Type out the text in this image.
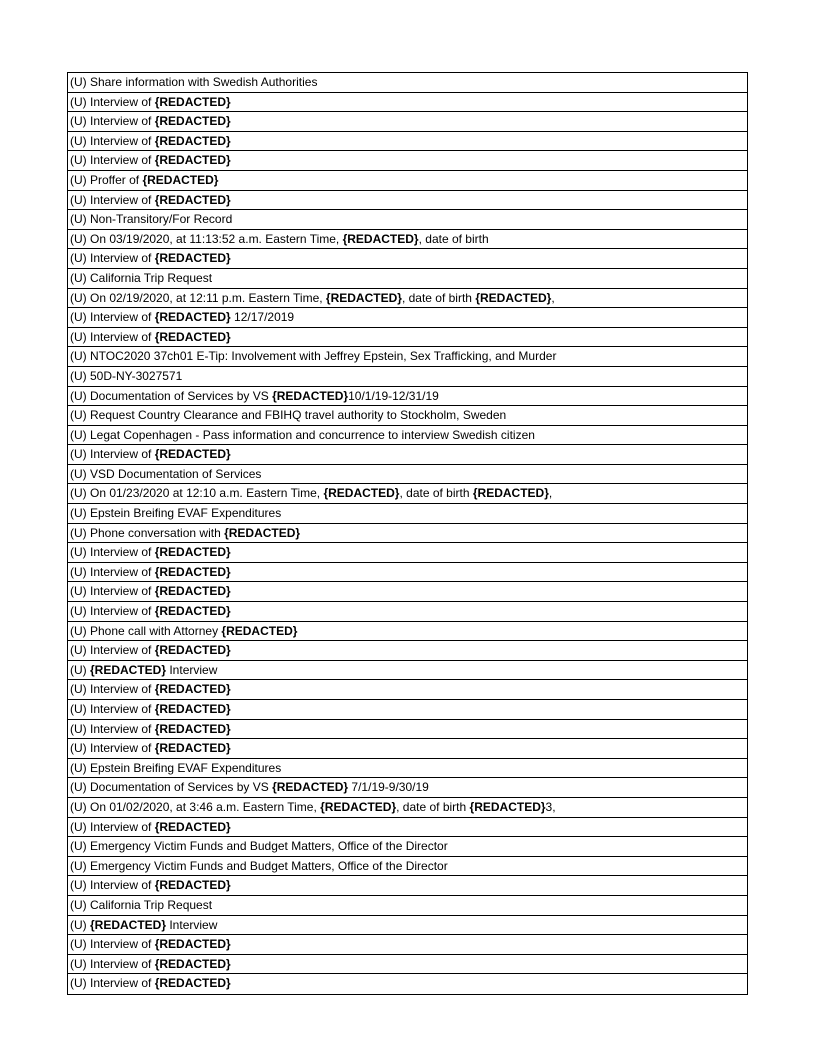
(U) Share information with Swedish Authorities
(U) Interview of {REDACTED}
(U) Interview of {REDACTED}
(U) Interview of {REDACTED}
(U) Interview of {REDACTED}
(U) Proffer of {REDACTED}
(U) Interview of {REDACTED}
(U) Non-Transitory/For Record
(U) On 03/19/2020, at 11:13:52 a.m. Eastern Time, {REDACTED}, date of birth
(U) Interview of {REDACTED}
(U) California Trip Request
(U) On 02/19/2020, at 12:11 p.m. Eastern Time, {REDACTED}, date of birth {REDACTED},
(U) Interview of {REDACTED} 12/17/2019
(U) Interview of {REDACTED}
(U) NTOC2020 37ch01 E-Tip: Involvement with Jeffrey Epstein, Sex Trafficking, and Murder
(U) 50D-NY-3027571
(U) Documentation of Services by VS {REDACTED}10/1/19-12/31/19
(U) Request Country Clearance and FBIHQ travel authority to Stockholm, Sweden
(U) Legat Copenhagen - Pass information and concurrence to interview Swedish citizen
(U) Interview of {REDACTED}
(U) VSD Documentation of Services
(U) On 01/23/2020 at 12:10 a.m. Eastern Time, {REDACTED}, date of birth {REDACTED},
(U) Epstein Breifing EVAF Expenditures
(U) Phone conversation with {REDACTED}
(U) Interview of {REDACTED}
(U) Interview of {REDACTED}
(U) Interview of {REDACTED}
(U) Interview of {REDACTED}
(U) Phone call with Attorney {REDACTED}
(U) Interview of {REDACTED}
(U) {REDACTED} Interview
(U) Interview of {REDACTED}
(U) Interview of {REDACTED}
(U) Interview of {REDACTED}
(U) Interview of {REDACTED}
(U) Epstein Breifing EVAF Expenditures
(U) Documentation of Services by VS {REDACTED} 7/1/19-9/30/19
(U) On 01/02/2020, at 3:46 a.m. Eastern Time, {REDACTED}, date of birth {REDACTED}3,
(U) Interview of {REDACTED}
(U) Emergency Victim Funds and Budget Matters, Office of the Director
(U) Emergency Victim Funds and Budget Matters, Office of the Director
(U) Interview of {REDACTED}
(U) California Trip Request
(U) {REDACTED} Interview
(U) Interview of {REDACTED}
(U) Interview of {REDACTED}
(U) Interview of {REDACTED}
